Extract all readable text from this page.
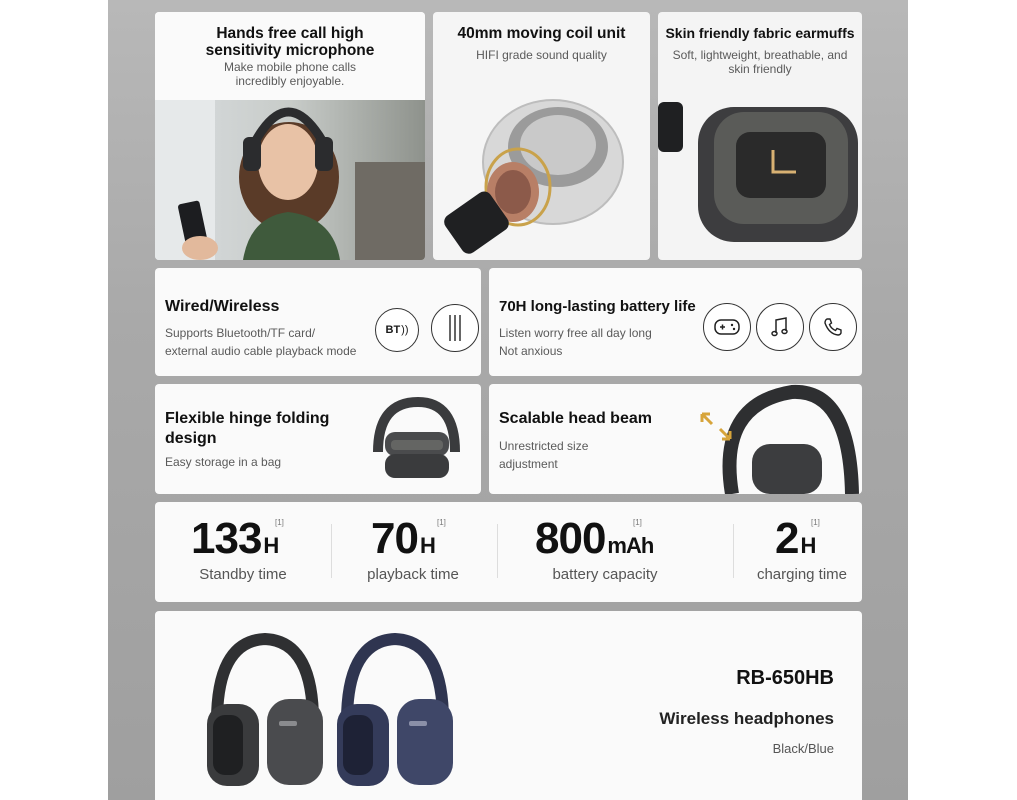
Hands free call high sensitivity microphone
Make mobile phone calls incredibly enjoyable.
40mm moving coil unit
HIFI grade sound quality
Skin friendly fabric earmuffs
Soft, lightweight, breathable, and skin friendly
Wired/Wireless
Supports Bluetooth/TF card/
external audio cable playback mode
BT ))
70H long-lasting battery life
Listen worry free all day long
Not anxious
Flexible hinge folding
design
Easy storage in a bag
Scalable head beam
Unrestricted size
adjustment
133H
[1]
Standby time
70H
[1]
playback time
800mAh
[1]
battery capacity
2H
[1]
charging time
RB-650HB
Wireless headphones
Black/Blue
